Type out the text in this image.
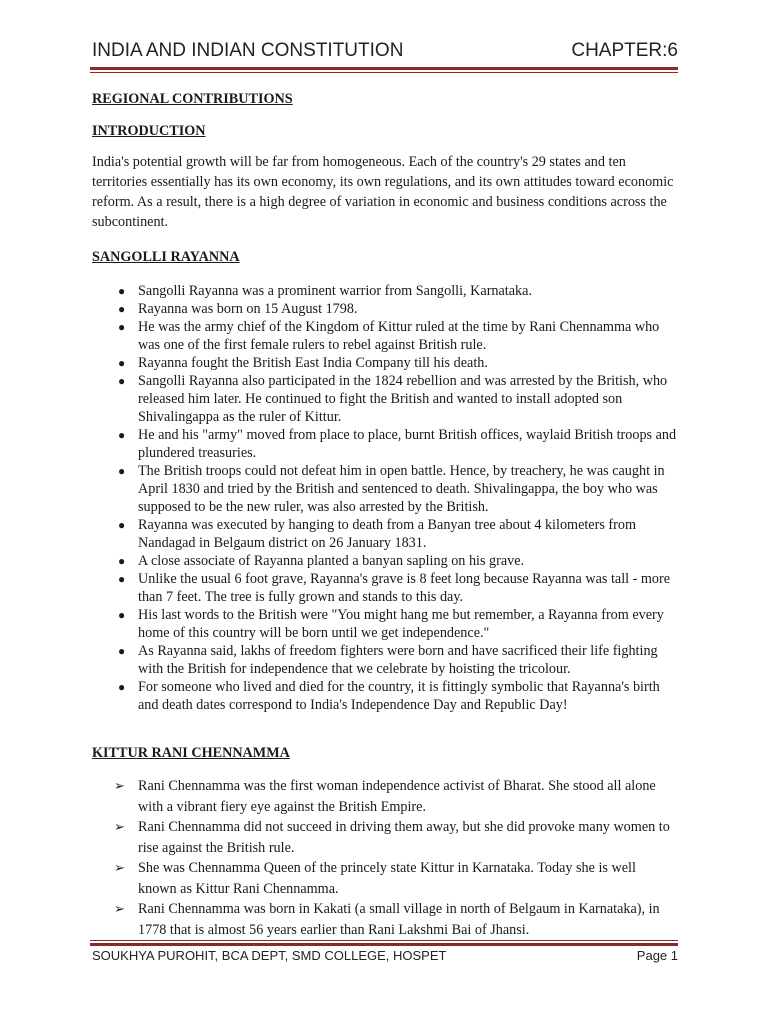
INDIA AND INDIAN CONSTITUTION	CHAPTER:6
REGIONAL CONTRIBUTIONS
INTRODUCTION

India's potential growth will be far from homogeneous. Each of the country's 29 states and ten territories essentially has its own economy, its own regulations, and its own attitudes toward economic reform. As a result, there is a high degree of variation in economic and business conditions across the subcontinent.

SANGOLLI RAYANNA
● Sangolli Rayanna was a prominent warrior from Sangolli, Karnataka.
● Rayanna was born on 15 August 1798.
● He was the army chief of the Kingdom of Kittur ruled at the time by Rani Chennamma who was one of the first female rulers to rebel against British rule.
● Rayanna fought the British East India Company till his death.
● Sangolli Rayanna also participated in the 1824 rebellion and was arrested by the British, who released him later. He continued to fight the British and wanted to install adopted son Shivalingappa as the ruler of Kittur.
● He and his "army" moved from place to place, burnt British offices, waylaid British troops and plundered treasuries.
● The British troops could not defeat him in open battle. Hence, by treachery, he was caught in April 1830 and tried by the British and sentenced to death. Shivalingappa, the boy who was supposed to be the new ruler, was also arrested by the British.
● Rayanna was executed by hanging to death from a Banyan tree about 4 kilometers from Nandagad in Belgaum district on 26 January 1831.
● A close associate of Rayanna planted a banyan sapling on his grave.
● Unlike the usual 6 foot grave, Rayanna's grave is 8 feet long because Rayanna was tall - more than 7 feet. The tree is fully grown and stands to this day.
● His last words to the British were "You might hang me but remember, a Rayanna from every home of this country will be born until we get independence."
● As Rayanna said, lakhs of freedom fighters were born and have sacrificed their life fighting with the British for independence that we celebrate by hoisting the tricolour.
● For someone who lived and died for the country, it is fittingly symbolic that Rayanna's birth and death dates correspond to India's Independence Day and Republic Day!
KITTUR RANI CHENNAMMA
➢ Rani Chennamma was the first woman independence activist of Bharat. She stood all alone with a vibrant fiery eye against the British Empire.
➢ Rani Chennamma did not succeed in driving them away, but she did provoke many women to rise against the British rule.
➢ She was Chennamma Queen of the princely state Kittur in Karnataka. Today she is well known as Kittur Rani Chennamma.
➢ Rani Chennamma was born in Kakati (a small village in north of Belgaum in Karnataka), in 1778 that is almost 56 years earlier than Rani Lakshmi Bai of Jhansi.
SOUKHYA PUROHIT, BCA DEPT, SMD COLLEGE, HOSPET	Page 1
